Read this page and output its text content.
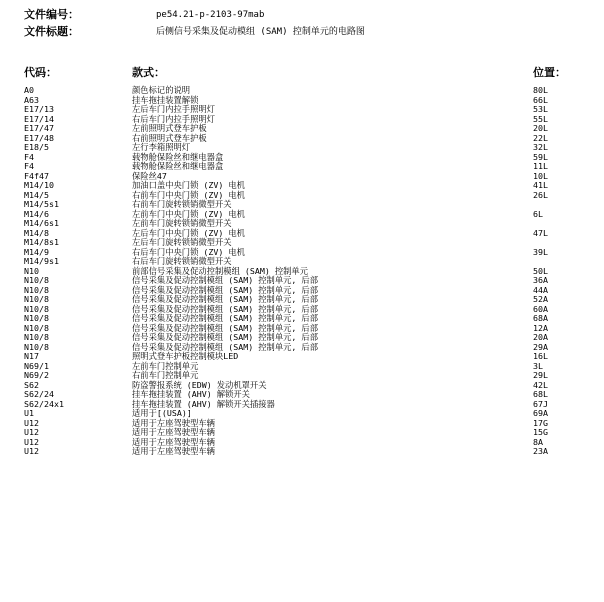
文件编号：	pe54.21-p-2103-97mab
文件标题：	后侧信号采集及促动模组 (SAM) 控制单元的电路图
代码：	款式：	位置：
A0	颜色标记的说明	80L
A63	挂车拖挂装置解锁	66L
E17/13	左后车门内拉手照明灯	53L
E17/14	右后车门内拉手照明灯	55L
E17/47	左前照明式登车护板	20L
E17/48	右前照明式登车护板	22L
E18/5	左行李箱照明灯	32L
F4	载物舱保险丝和继电器盒	59L
F4	载物舱保险丝和继电器盒	11L
F4f47	保险丝47	10L
M14/10	加油口盖中央门锁 (ZV) 电机	41L
M14/5	右前车门中央门锁 (ZV) 电机	26L
M14/5s1	右前车门旋转锁销微型开关
M14/6	左前车门中央门锁 (ZV) 电机	6L
M14/6s1	左前车门旋转锁销微型开关
M14/8	左后车门中央门锁 (ZV) 电机	47L
M14/8s1	左后车门旋转锁销微型开关
M14/9	右后车门中央门锁 (ZV) 电机	39L
M14/9s1	右后车门旋转锁销微型开关
N10	前部信号采集及促动控制模组 (SAM) 控制单元	50L
N10/8	信号采集及促动控制模组 (SAM) 控制单元, 后部	36A
N10/8	信号采集及促动控制模组 (SAM) 控制单元, 后部	44A
N10/8	信号采集及促动控制模组 (SAM) 控制单元, 后部	52A
N10/8	信号采集及促动控制模组 (SAM) 控制单元, 后部	60A
N10/8	信号采集及促动控制模组 (SAM) 控制单元, 后部	68A
N10/8	信号采集及促动控制模组 (SAM) 控制单元, 后部	12A
N10/8	信号采集及促动控制模组 (SAM) 控制单元, 后部	20A
N10/8	信号采集及促动控制模组 (SAM) 控制单元, 后部	29A
N17	照明式登车护板控制模块LED	16L
N69/1	左前车门控制单元	3L
N69/2	右前车门控制单元	29L
S62	防盗警报系统 (EDW) 发动机罩开关	42L
S62/24	挂车拖挂装置 (AHV) 解锁开关	68L
S62/24x1	挂车拖挂装置 (AHV) 解锁开关插接器	67J
U1	适用于[(USA)]	69A
U12	适用于左座驾驶型车辆	17G
U12	适用于左座驾驶型车辆	15G
U12	适用于左座驾驶型车辆	8A
U12	适用于左座驾驶型车辆	23A
